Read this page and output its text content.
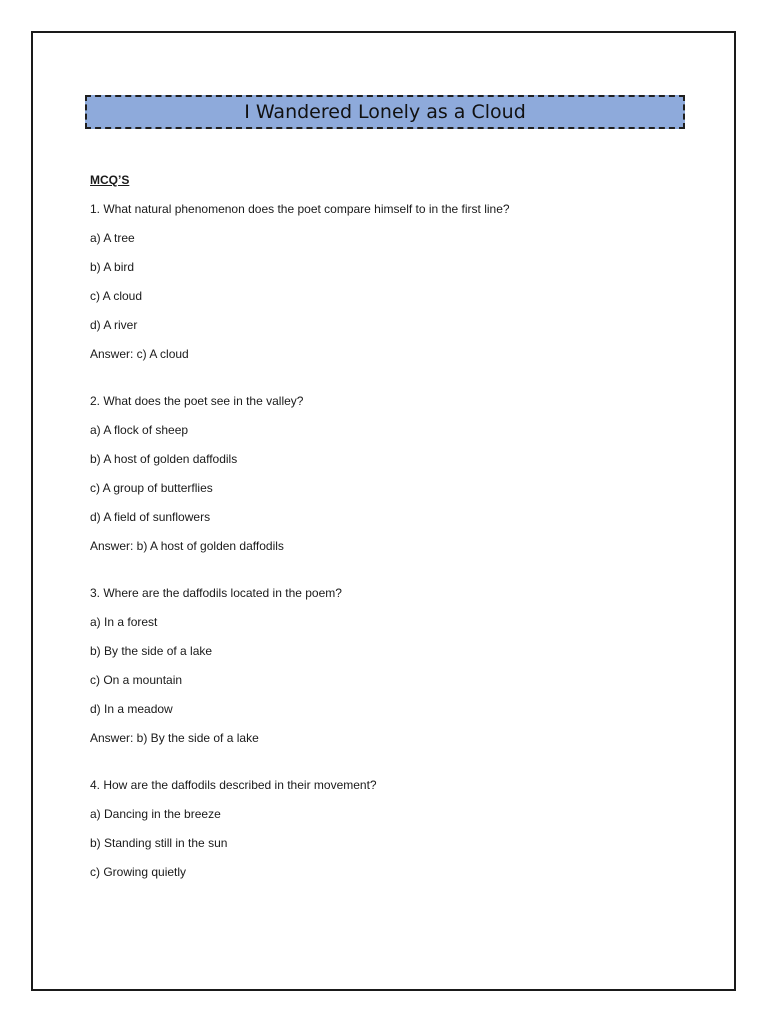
I Wandered Lonely as a Cloud
MCQ’S
1. What natural phenomenon does the poet compare himself to in the first line?
a) A tree
b) A bird
c) A cloud
d) A river
Answer: c) A cloud
2. What does the poet see in the valley?
a) A flock of sheep
b) A host of golden daffodils
c) A group of butterflies
d) A field of sunflowers
Answer: b) A host of golden daffodils
3. Where are the daffodils located in the poem?
a) In a forest
b) By the side of a lake
c) On a mountain
d) In a meadow
Answer: b) By the side of a lake
4. How are the daffodils described in their movement?
a) Dancing in the breeze
b) Standing still in the sun
c) Growing quietly
